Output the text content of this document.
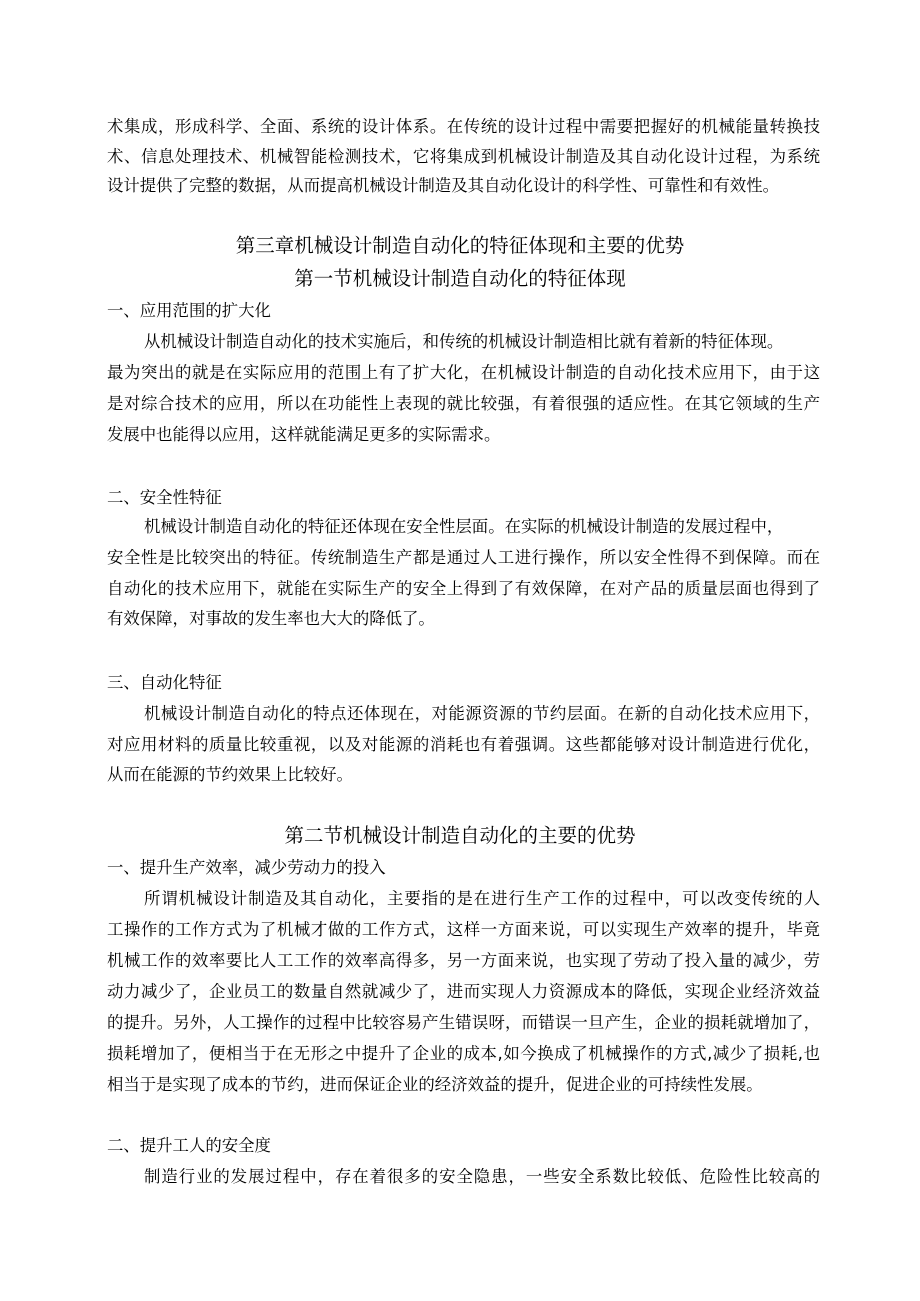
术集成，形成科学、全面、系统的设计体系。在传统的设计过程中需要把握好的机械能量转换技
术、信息处理技术、机械智能检测技术，它将集成到机械设计制造及其自动化设计过程，为系统
设计提供了完整的数据，从而提高机械设计制造及其自动化设计的科学性、可靠性和有效性。
第三章机械设计制造自动化的特征体现和主要的优势
第一节机械设计制造自动化的特征体现
一、应用范围的扩大化
从机械设计制造自动化的技术实施后，和传统的机械设计制造相比就有着新的特征体现。
最为突出的就是在实际应用的范围上有了扩大化，在机械设计制造的自动化技术应用下，由于这
是对综合技术的应用，所以在功能性上表现的就比较强，有着很强的适应性。在其它领域的生产
发展中也能得以应用，这样就能满足更多的实际需求。
二、安全性特征
机械设计制造自动化的特征还体现在安全性层面。在实际的机械设计制造的发展过程中，
安全性是比较突出的特征。传统制造生产都是通过人工进行操作，所以安全性得不到保障。而在
自动化的技术应用下，就能在实际生产的安全上得到了有效保障，在对产品的质量层面也得到了
有效保障，对事故的发生率也大大的降低了。
三、自动化特征
机械设计制造自动化的特点还体现在，对能源资源的节约层面。在新的自动化技术应用下，
对应用材料的质量比较重视，以及对能源的消耗也有着强调。这些都能够对设计制造进行优化，
从而在能源的节约效果上比较好。
第二节机械设计制造自动化的主要的优势
一、提升生产效率，减少劳动力的投入
所谓机械设计制造及其自动化，主要指的是在进行生产工作的过程中，可以改变传统的人
工操作的工作方式为了机械才做的工作方式，这样一方面来说，可以实现生产效率的提升，毕竟
机械工作的效率要比人工工作的效率高得多，另一方面来说，也实现了劳动了投入量的减少，劳
动力减少了，企业员工的数量自然就减少了，进而实现人力资源成本的降低，实现企业经济效益
的提升。另外，人工操作的过程中比较容易产生错误呀，而错误一旦产生，企业的损耗就增加了，
损耗增加了，便相当于在无形之中提升了企业的成本,如今换成了机械操作的方式,减少了损耗,也
相当于是实现了成本的节约，进而保证企业的经济效益的提升，促进企业的可持续性发展。
二、提升工人的安全度
制造行业的发展过程中，存在着很多的安全隐患，一些安全系数比较低、危险性比较高的
